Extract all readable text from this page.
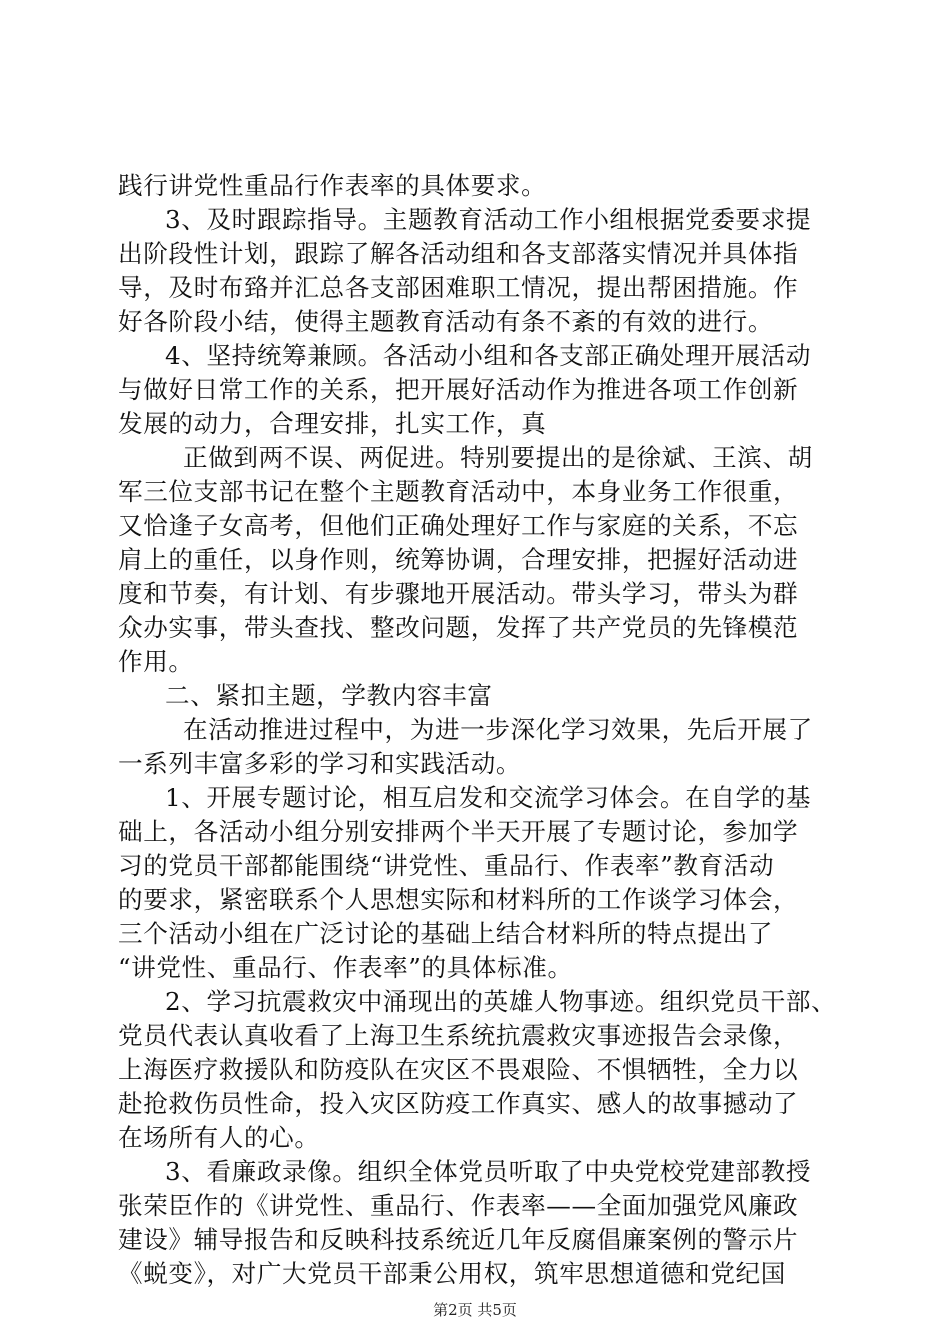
践行讲党性重品行作表率的具体要求。
3、及时跟踪指导。主题教育活动工作小组根据党委要求提
出阶段性计划，跟踪了解各活动组和各支部落实情况并具体指
导，及时布臵并汇总各支部困难职工情况，提出帮困措施。作
好各阶段小结，使得主题教育活动有条不紊的有效的进行。
4、坚持统筹兼顾。各活动小组和各支部正确处理开展活动
与做好日常工作的关系，把开展好活动作为推进各项工作创新
发展的动力，合理安排，扎实工作，真
正做到两不误、两促进。特别要提出的是徐斌、王滨、胡
军三位支部书记在整个主题教育活动中，本身业务工作很重，
又恰逢子女高考，但他们正确处理好工作与家庭的关系，不忘
肩上的重任，以身作则，统筹协调，合理安排，把握好活动进
度和节奏，有计划、有步骤地开展活动。带头学习，带头为群
众办实事，带头查找、整改问题，发挥了共产党员的先锋模范
作用。
二、紧扣主题，学教内容丰富
在活动推进过程中，为进一步深化学习效果，先后开展了
一系列丰富多彩的学习和实践活动。
1、开展专题讨论，相互启发和交流学习体会。在自学的基
础上，各活动小组分别安排两个半天开展了专题讨论，参加学
习的党员干部都能围绕“讲党性、重品行、作表率”教育活动
的要求，紧密联系个人思想实际和材料所的工作谈学习体会，
三个活动小组在广泛讨论的基础上结合材料所的特点提出了
“讲党性、重品行、作表率”的具体标准。
2、学习抗震救灾中涌现出的英雄人物事迹。组织党员干部、
党员代表认真收看了上海卫生系统抗震救灾事迹报告会录像，
上海医疗救援队和防疫队在灾区不畏艰险、不惧牺牲，全力以
赴抢救伤员性命，投入灾区防疫工作真实、感人的故事撼动了
在场所有人的心。
3、看廉政录像。组织全体党员听取了中央党校党建部教授
张荣臣作的《讲党性、重品行、作表率——全面加强党风廉政
建设》辅导报告和反映科技系统近几年反腐倡廉案例的警示片
《蜕变》，对广大党员干部秉公用权，筑牢思想道德和党纪国
第2页 共5页
